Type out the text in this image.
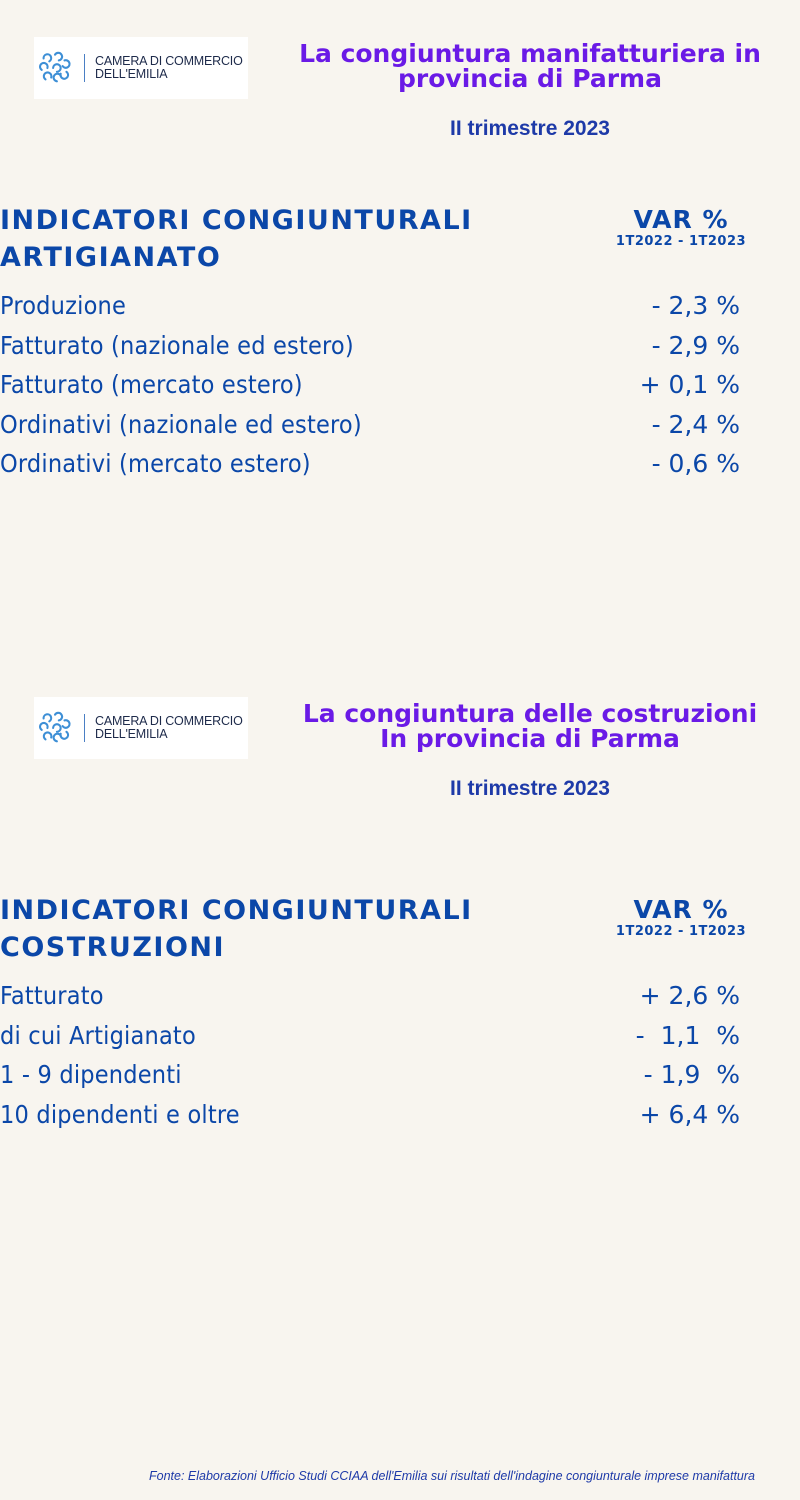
CAMERA DI COMMERCIO
DELL'EMILIA
La congiuntura manifatturiera in
provincia di Parma
II trimestre 2023
INDICATORI CONGIUNTURALI
ARTIGIANATO
VAR %
1T2022 - 1T2023
Produzione	- 2,3 %
Fatturato (nazionale ed estero)	- 2,9 %
Fatturato (mercato estero)	+ 0,1 %
Ordinativi (nazionale ed estero)	- 2,4 %
Ordinativi (mercato estero)	- 0,6 %
CAMERA DI COMMERCIO
DELL'EMILIA
La congiuntura delle costruzioni
In provincia di Parma
II trimestre 2023
INDICATORI CONGIUNTURALI
COSTRUZIONI
VAR %
1T2022 - 1T2023
Fatturato	+ 2,6 %
di cui Artigianato	-  1,1  %
1 - 9 dipendenti	- 1,9  %
10 dipendenti e oltre	+ 6,4 %
Fonte: Elaborazioni Ufficio Studi CCIAA dell'Emilia sui risultati dell'indagine congiunturale imprese manifattura
